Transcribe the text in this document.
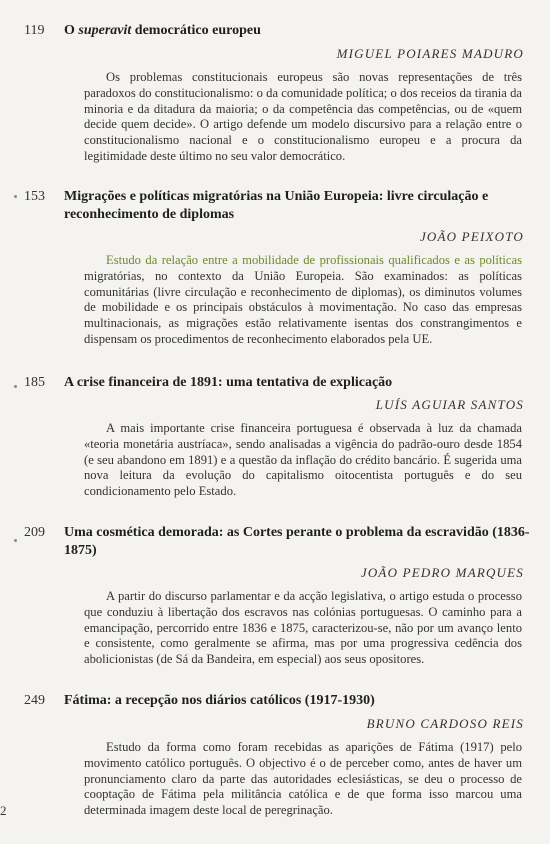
119	O superavit democrático europeu
MIGUEL POIARES MADURO
Os problemas constitucionais europeus são novas representações de três paradoxos do constitucionalismo: o da comunidade política; o dos receios da tirania da minoria e da ditadura da maioria; o da competência das competências, ou de «quem decide quem decide». O artigo defende um modelo discursivo para a relação entre o constitucionalismo nacional e o constitucionalismo europeu e a procura da legitimidade deste último no seu valor democrático.
153	Migrações e políticas migratórias na União Europeia: livre circulação e reconhecimento de diplomas
JOÃO PEIXOTO
Estudo da relação entre a mobilidade de profissionais qualificados e as políticas migratórias, no contexto da União Europeia. São examinados: as políticas comunitárias (livre circulação e reconhecimento de diplomas), os diminutos volumes de mobilidade e os principais obstáculos à movimentação. No caso das empresas multinacionais, as migrações estão relativamente isentas dos constrangimentos e dispensam os procedimentos de reconhecimento elaborados pela UE.
185	A crise financeira de 1891: uma tentativa de explicação
LUÍS AGUIAR SANTOS
A mais importante crise financeira portuguesa é observada à luz da chamada «teoria monetária austríaca», sendo analisadas a vigência do padrão-ouro desde 1854 (e seu abandono em 1891) e a questão da inflação do crédito bancário. É sugerida uma nova leitura da evolução do capitalismo oitocentista português e do seu condicionamento pelo Estado.
209	Uma cosmética demorada: as Cortes perante o problema da escravidão (1836-1875)
JOÃO PEDRO MARQUES
A partir do discurso parlamentar e da acção legislativa, o artigo estuda o processo que conduziu à libertação dos escravos nas colónias portuguesas. O caminho para a emancipação, percorrido entre 1836 e 1875, caracterizou-se, não por um avanço lento e consistente, como geralmente se afirma, mas por uma progressiva cedência dos abolicionistas (de Sá da Bandeira, em especial) aos seus opositores.
249	Fátima: a recepção nos diários católicos (1917-1930)
BRUNO CARDOSO REIS
Estudo da forma como foram recebidas as aparições de Fátima (1917) pelo movimento católico português. O objectivo é o de perceber como, antes de haver um pronunciamento claro da parte das autoridades eclesiásticas, se deu o processo de cooptação de Fátima pela militância católica e de que forma isso marcou uma determinada imagem deste local de peregrinação.
2
